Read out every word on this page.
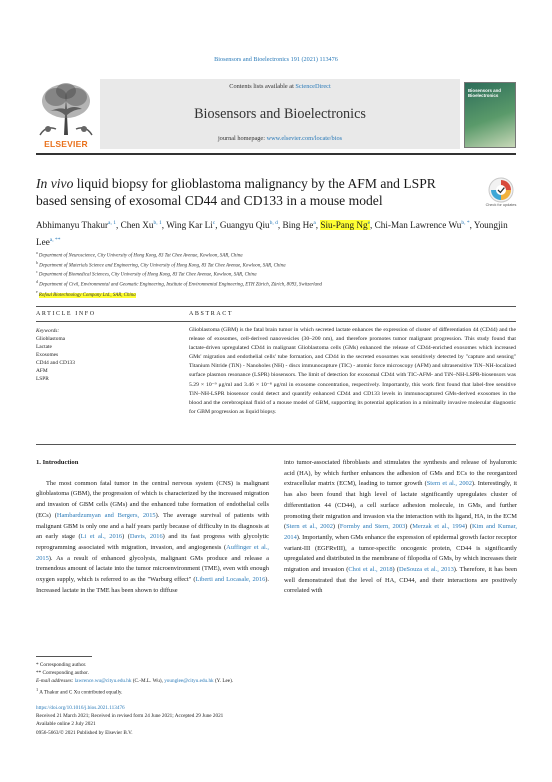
Biosensors and Bioelectronics 191 (2021) 113476
ELSEVIER
Contents lists available at ScienceDirect
Biosensors and Bioelectronics
journal homepage: www.elsevier.com/locate/bios
Biosensors and Bioelectronics
In vivo liquid biopsy for glioblastoma malignancy by the AFM and LSPR based sensing of exosomal CD44 and CD133 in a mouse model	Check for updates
Abhimanyu Thakur$^{a, 1}$, Chen Xu$^{b, 1}$, Wing Kar Li$^c$, Guangyu Qiu$^{b, d}$, Bing He$^a$, Siu-Pang Ng$^e$, Chi-Man Lawrence $Wu^{b, *}$, Youngjin Lee$^{a, **}$
$^a$ Department of Neuroscience, City University of Hong Kong, 83 Tat Chee Avenue, Kowloon, SAR, China
$^b$ Department of Materials Science and Engineering, City University of Hong Kong, 83 Tat Chee Avenue, Kowloon, SAR, China
$^c$ Department of Biomedical Sciences, City University of Hong Kong, 83 Tat Chee Avenue, Kowloon, SAR, China
$^d$ Department of Civil, Environmental and Geomatic Engineering, Institute of Environmental Engineering, ETH Zürich, Zürich, 8093, Switzerland
$^e$ Rofoul Biotechnology Company Ltd., SAR, China
ARTICLE INFO	ABSTRACT
Keywords:
Glioblastoma
Lactate
Exosomes
CD44 and CD133
AFM
LSPR
Glioblastoma (GBM) is the fatal brain tumor in which secreted lactate enhances the expression of cluster of differentiation 44 (CD44) and the release of exosomes, cell-derived nanovesicles (30–200 nm), and therefore promotes tumor malignant progression. This study found that lactate-driven upregulated CD44 in malignant Glioblastoma cells (GMs) enhanced the release of CD44-enriched exosomes which increased GMs' migration and endothelial cells' tube formation, and CD44 in the secreted exosomes was sensitively detected by "capture and sensing" Titanium Nitride (TiN) - Nanoholes (NH) - discs immunocapture (TIC) - atomic force microscopy (AFM) and ultrasensitive TiN–NH-localized surface plasmon resonance (LSPR) biosensors. The limit of detection for exosomal CD44 with TIC-AFM- and TiN–NH-LSPR-biosensors was 5.29 × 10⁻⁹ μg/ml and 3.46 × 10⁻⁸ μg/ml in exosome concentration, respectively. Importantly, this work first found that label-free sensitive TiN–NH-LSPR biosensor could detect and quantify enhanced CD44 and CD133 levels in immunocaptured GMs-derived exosomes in the blood and the cerebrospinal fluid of a mouse model of GBM, supporting its potential application in a minimally invasive molecular diagnostic for GBM progression as liquid biopsy.
1. Introduction

The most common fatal tumor in the central nervous system (CNS) is malignant glioblastoma (GBM), the progression of which is characterized by the increased migration and invasion of GBM cells (GMs) and the enhanced tube formation of endothelial cells (ECs) (Hambardzumyan and Bergers, 2015). The average survival of patients with malignant GBM is only one and a half years partly because of difficulty in its diagnosis at an early stage (Li et al., 2016) (Davis, 2016) and its fast progress with glycolytic reprogramming associated with migration, invasion, and angiogenesis (Auffinger et al., 2015). As a result of enhanced glycolysis, malignant GMs produce and release a tremendous amount of lactate into the tumor microenvironment (TME), even with enough oxygen supply, which is referred to as the "Warburg effect" (Liberti and Locasale, 2016). Increased lactate in the TME has been shown to diffuse

into tumor-associated fibroblasts and stimulates the synthesis and release of hyaluronic acid (HA), by which further enhances the adhesion of GMs and ECs to the reorganized extracellular matrix (ECM), leading to tumor growth (Stern et al., 2002). Interestingly, it has also been found that high level of lactate significantly upregulates cluster of differentiation 44 (CD44), a cell surface adhesion molecule, in GMs, and further promoting their migration and invasion via the interaction with its ligand, HA, in the ECM (Stern et al., 2002) (Formby and Stern, 2003) (Merzak et al., 1994) (Kim and Kumar, 2014). Importantly, when GMs enhance the expression of epidermal growth factor receptor variant-III (EGFRvIII), a tumor-specific oncogenic protein, CD44 is significantly upregulated and distributed in the membrane of filopodia of GMs, by which increases their migration and invasion (Choi et al., 2018) (DeSouza et al., 2013). Therefore, it has been well demonstrated that the level of HA, CD44, and their interactions are positively correlated with

* Corresponding author.
** Corresponding author.
E-mail addresses: lawrence.wu@cityu.edu.hk (C.-M.L. Wu), younglee@cityu.edu.hk (Y. Lee).
$^1$ A Thakur and C Xu contributed equally.
https://doi.org/10.1016/j.bios.2021.113476
Received 21 March 2021; Received in revised form 24 June 2021; Accepted 29 June 2021
Available online 2 July 2021
0956-5663/© 2021 Published by Elsevier B.V.
